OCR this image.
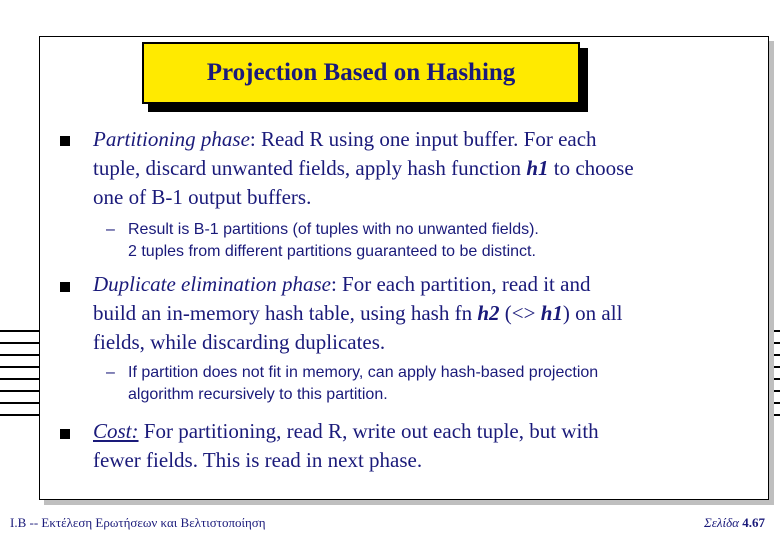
Projection Based on Hashing
Partitioning phase: Read R using one input buffer. For each
tuple, discard unwanted fields, apply hash function h1 to choose
one of B-1 output buffers.
– Result is B-1 partitions (of tuples with no unwanted fields).
2 tuples from different partitions guaranteed to be distinct.
Duplicate elimination phase: For each partition, read it and
build an in-memory hash table, using hash fn h2 (<> h1) on all
fields, while discarding duplicates.
– If partition does not fit in memory, can apply hash-based projection
algorithm recursively to this partition.
Cost: For partitioning, read R, write out each tuple, but with
fewer fields. This is read in next phase.
Ι.Β -- Εκτέλεση Ερωτήσεων και Βελτιστοποίηση	Σελίδα 4.67
